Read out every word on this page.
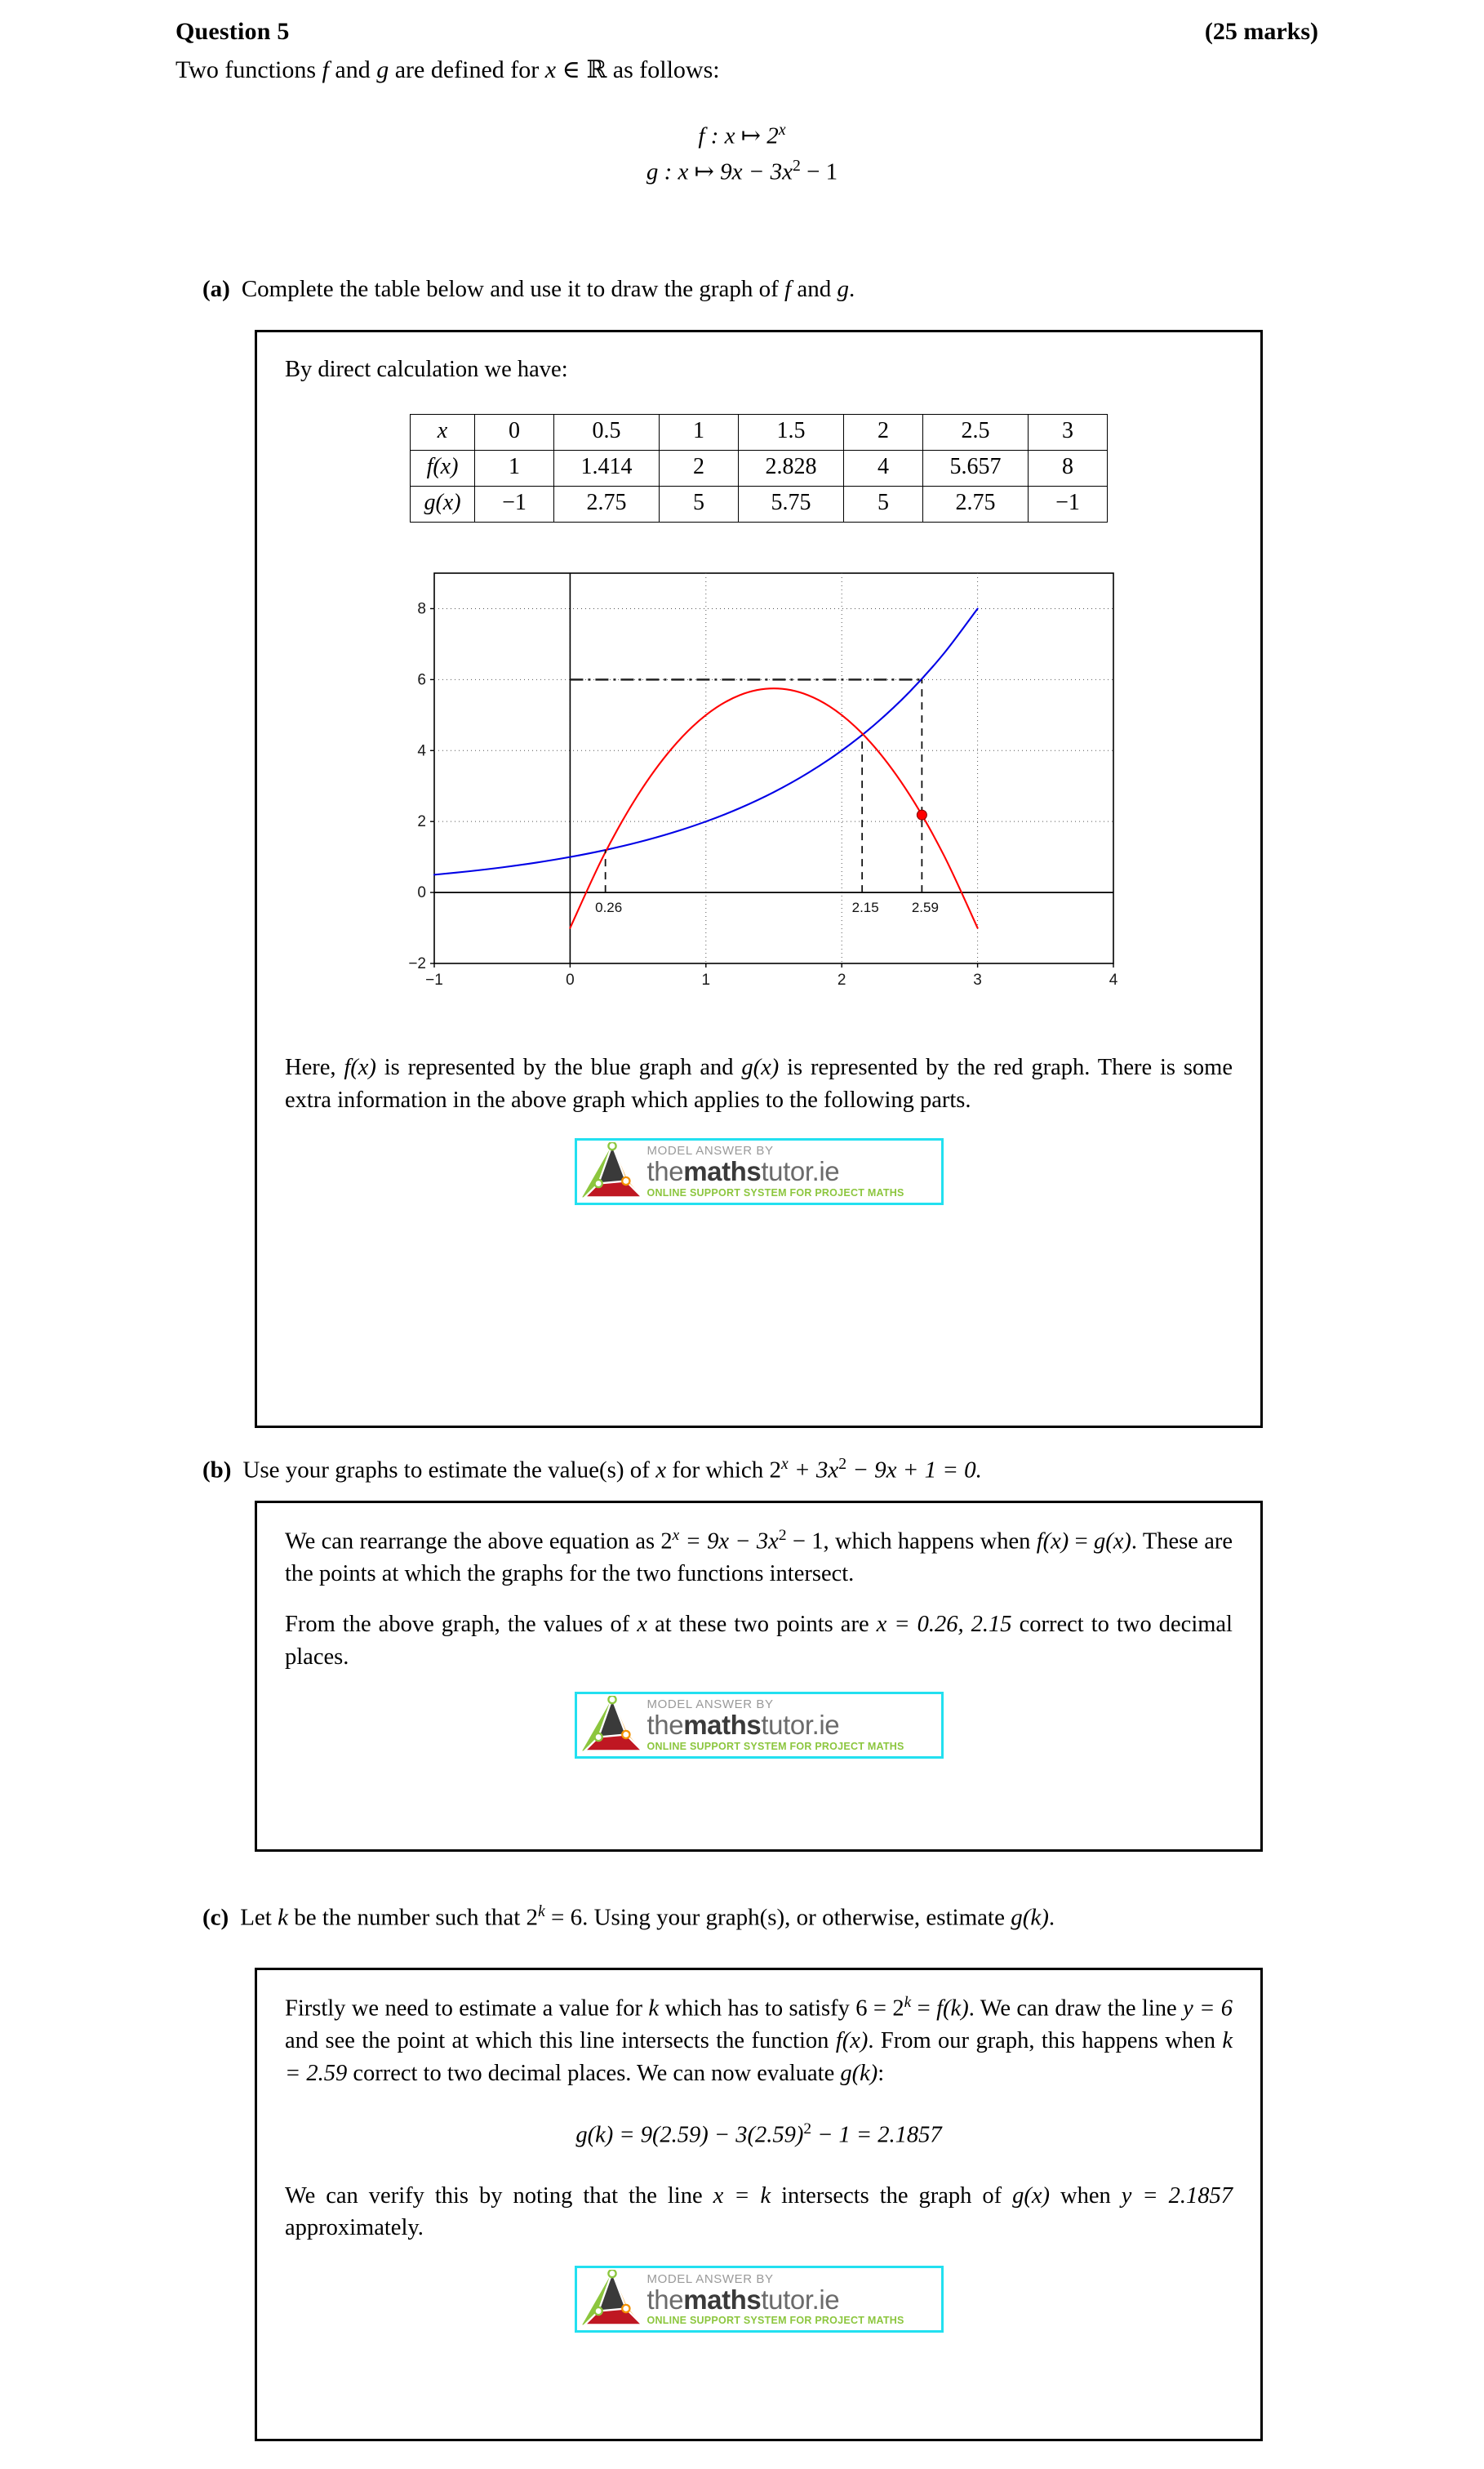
Question 5	(25 marks)
Two functions f and g are defined for x ∈ ℝ as follows:
f : x ↦ 2$^x$
g : x ↦ $9x - 3x^2 - 1$
(a) Complete the table below and use it to draw the graph of f and g.

By direct calculation we have:

x	0	0.5	1	1.5	2	2.5	3
f(x)	1	1.414	2	2.828	4	5.657	8
g(x)	−1	2.75	5	5.75	5	2.75	−1
−1	0	1	2	3	4
−2
0
2
4
6
8
0.26	2.15 2.59

Here, f(x) is represented by the blue graph and g(x) is represented by the red graph. There is some extra information in the above graph which applies to the following parts.

MODEL ANSWER BY
themathstutor.ie
ONLINE SUPPORT SYSTEM FOR PROJECT MATHS
(b) Use your graphs to estimate the value(s) of x for which $2^x + 3x^2 - 9x + 1 = 0$.

We can rearrange the above equation as $2^x = 9x - 3x^2 - 1$, which happens when f(x) = g(x). These are the points at which the graphs for the two functions intersect.

From the above graph, the values of x at these two points are x = 0.26, 2.15 correct to two decimal places.

MODEL ANSWER BY
themathstutor.ie
ONLINE SUPPORT SYSTEM FOR PROJECT MATHS
(c) Let k be the number such that $2^k = 6$. Using your graph(s), or otherwise, estimate g(k).

Firstly we need to estimate a value for k which has to satisfy $6 = 2^k = f(k)$. We can draw the line y = 6 and see the point at which this line intersects the function f(x). From our graph, this happens when k = 2.59 correct to two decimal places. We can now evaluate g(k):

$g(k) = 9(2.59) - 3(2.59)^2 - 1 = 2.1857$

We can verify this by noting that the line x = k intersects the graph of g(x) when y = 2.1857 approximately.

MODEL ANSWER BY
themathstutor.ie
ONLINE SUPPORT SYSTEM FOR PROJECT MATHS
